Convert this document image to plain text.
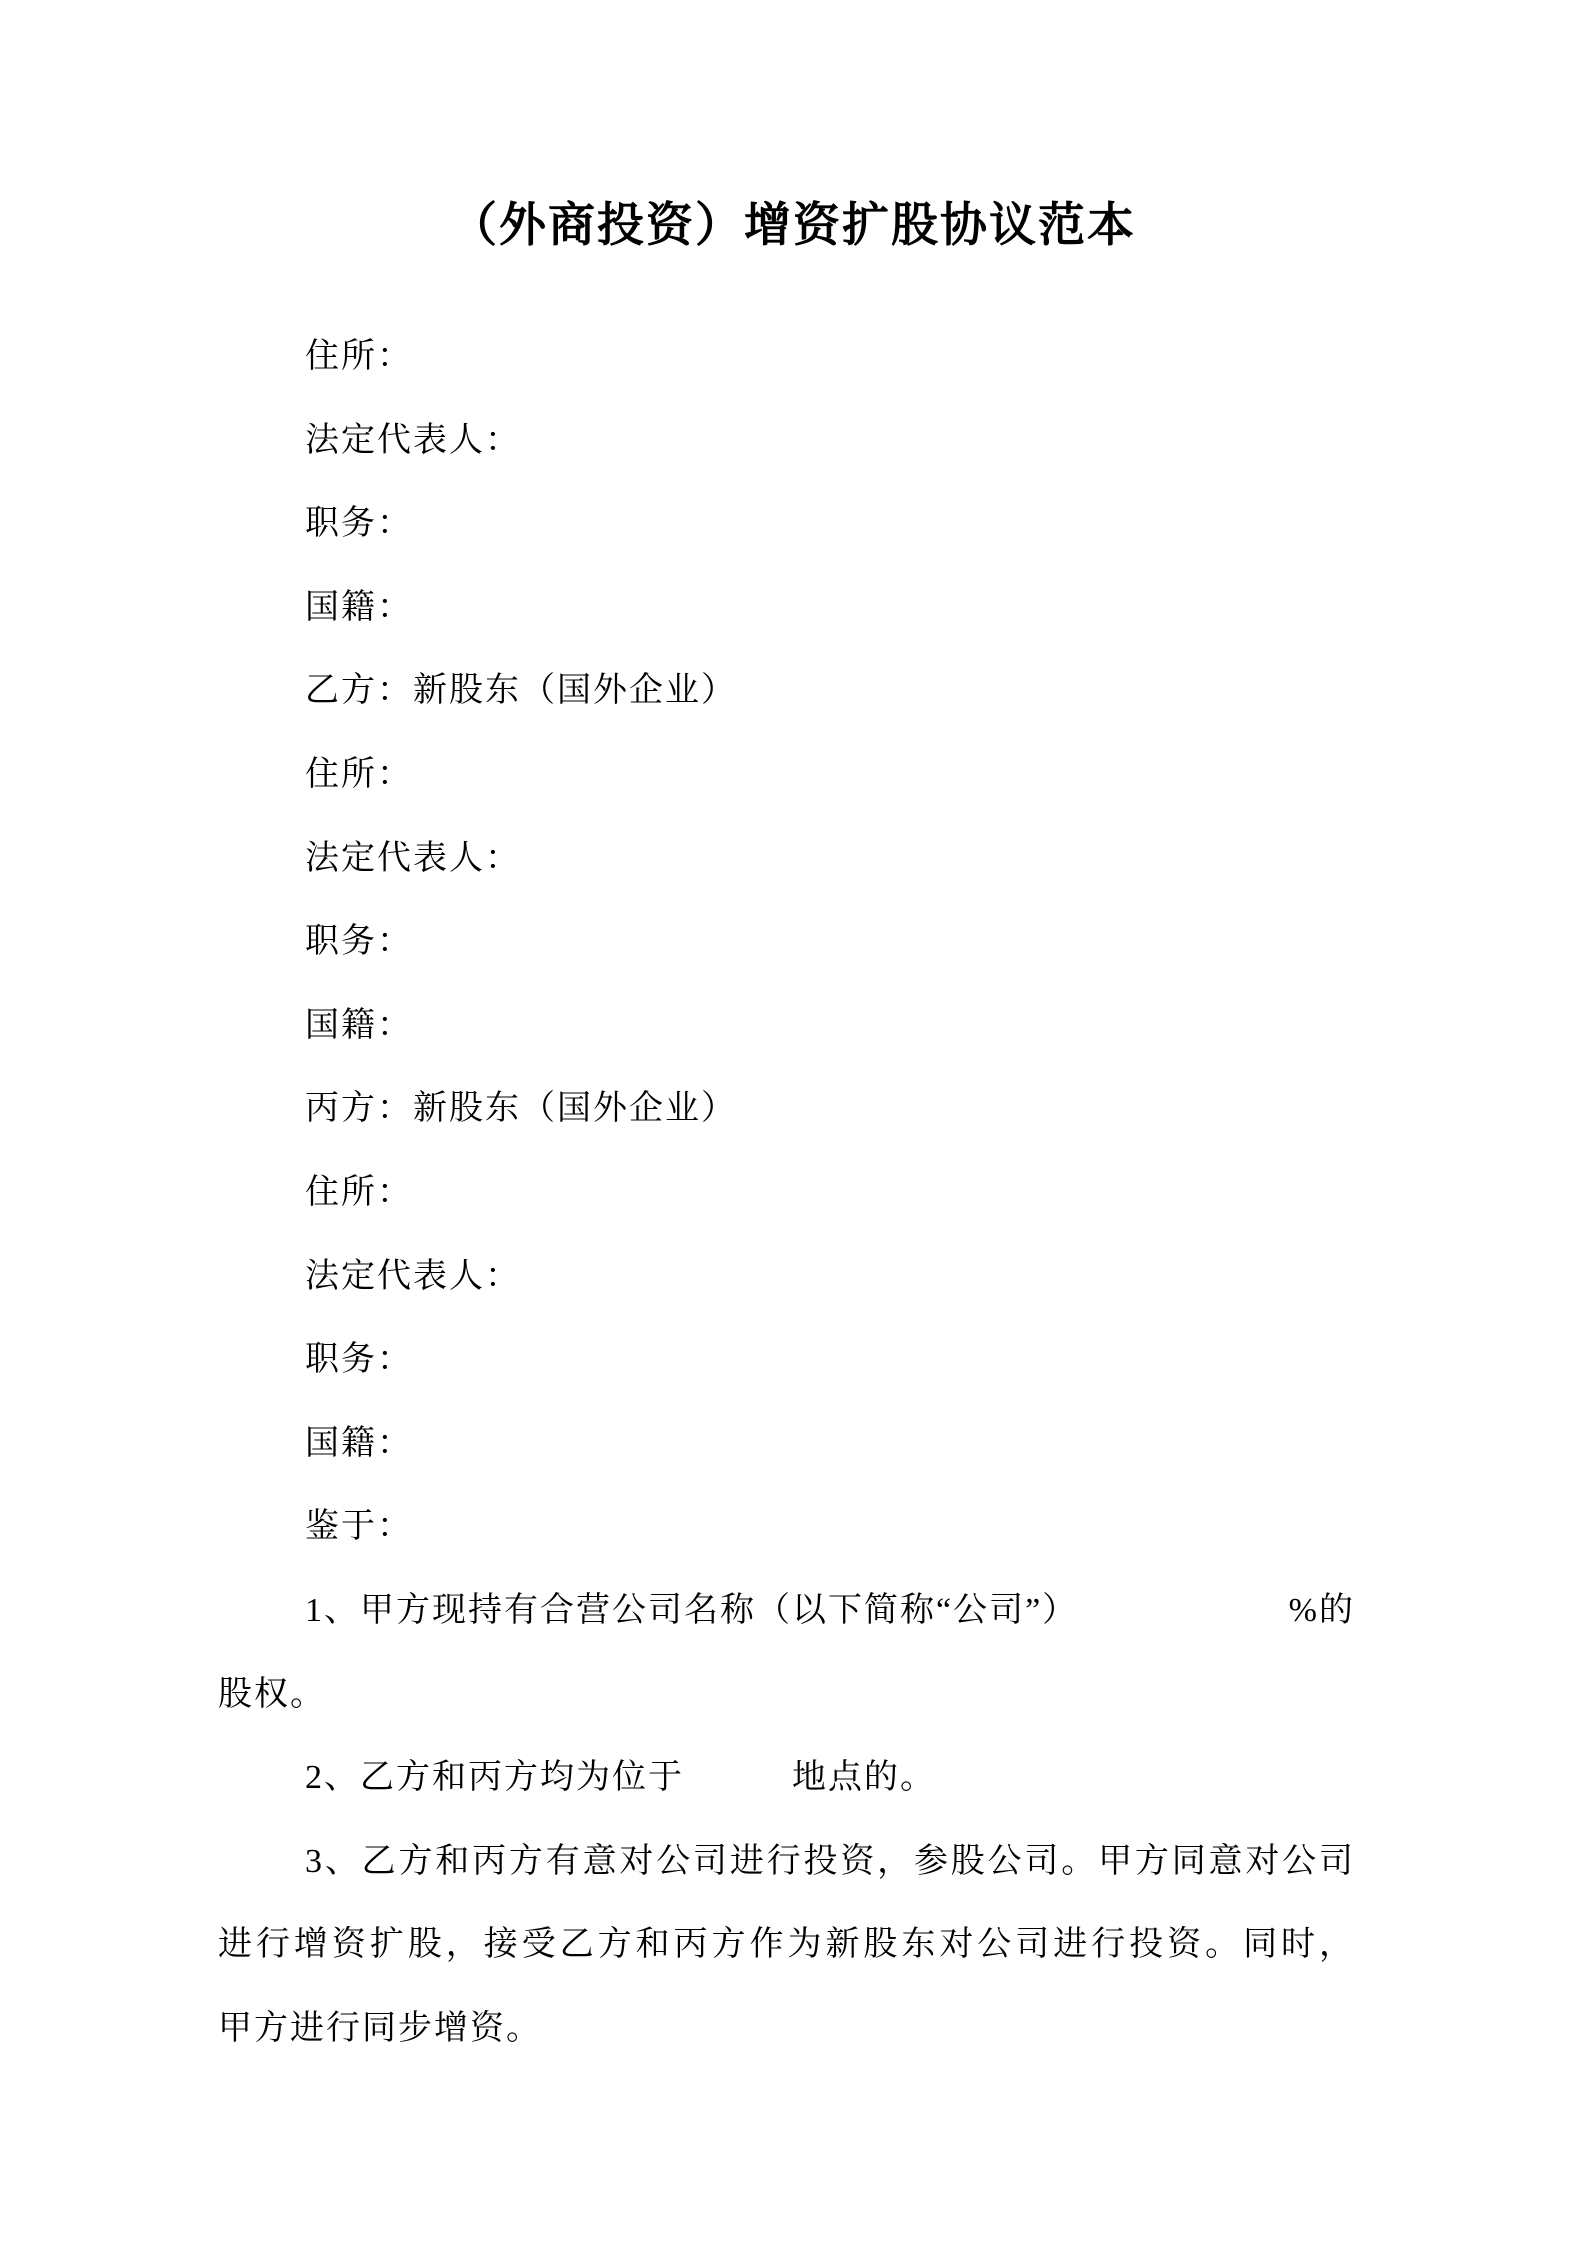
（外商投资）增资扩股协议范本
住所：
法定代表人：
职务：
国籍：
乙方：新股东（国外企业）
住所：
法定代表人：
职务：
国籍：
丙方：新股东（国外企业）
住所：
法定代表人：
职务：
国籍：
鉴于：
1、甲方现持有合营公司名称（以下简称“公司”）	%的
股权。
2、乙方和丙方均为位于　　　地点的。
3、乙方和丙方有意对公司进行投资，参股公司。甲方同意对公司
进行增资扩股，接受乙方和丙方作为新股东对公司进行投资。同时，
甲方进行同步增资。
